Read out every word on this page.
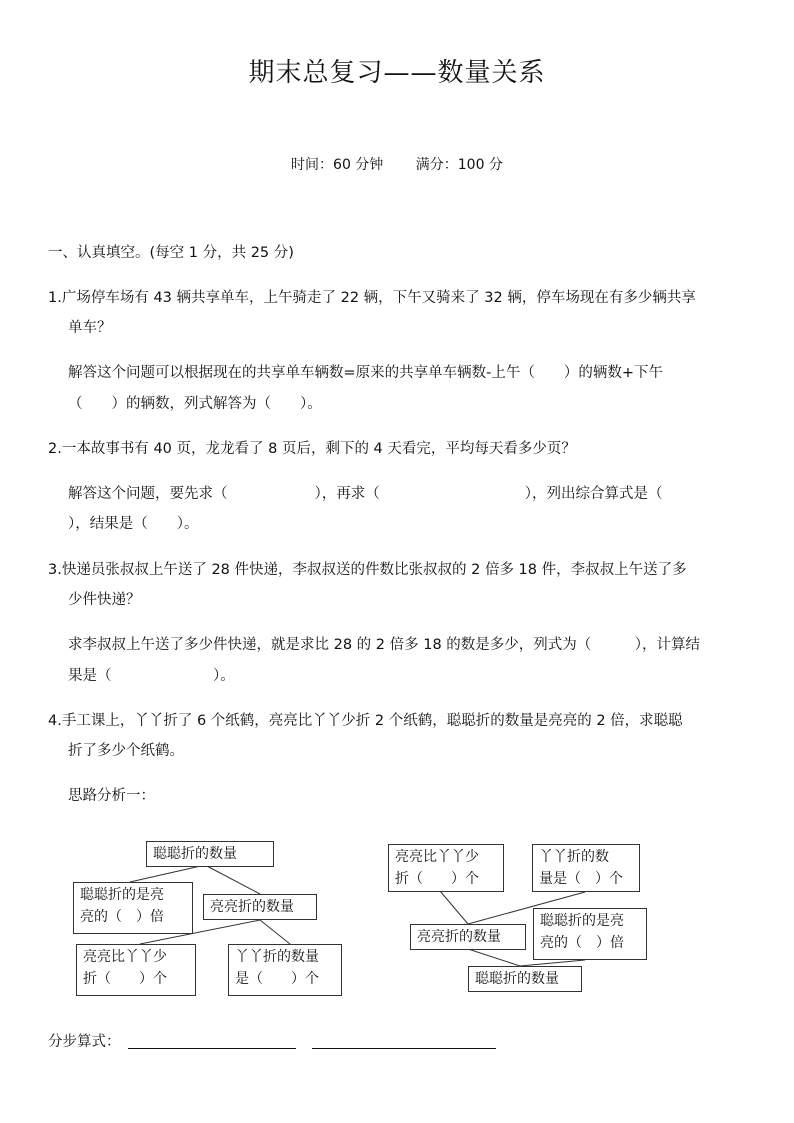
期末总复习——数量关系
时间：60 分钟 满分：100 分
一、认真填空。(每空 1 分，共 25 分)
1.广场停车场有 43 辆共享单车，上午骑走了 22 辆，下午又骑来了 32 辆，停车场现在有多少辆共享
单车？
解答这个问题可以根据现在的共享单车辆数=原来的共享单车辆数-上午（　　）的辆数+下午
（　　）的辆数，列式解答为（　　）。
2.一本故事书有 40 页，龙龙看了 8 页后，剩下的 4 天看完，平均每天看多少页？
解答这个问题，要先求（　　　　　　），再求（　　　　　　　　　　），列出综合算式是（
），结果是（　　）。
3.快递员张叔叔上午送了 28 件快递，李叔叔送的件数比张叔叔的 2 倍多 18 件，李叔叔上午送了多
少件快递？
求李叔叔上午送了多少件快递，就是求比 28 的 2 倍多 18 的数是多少，列式为（　　　），计算结
果是（　　　　　　　）。
4.手工课上，丫丫折了 6 个纸鹤，亮亮比丫丫少折 2 个纸鹤，聪聪折的数量是亮亮的 2 倍，求聪聪
折了多少个纸鹤。
思路分析一：
聪聪折的数量
聪聪折的是亮
亮的（　）倍
亮亮折的数量
亮亮比丫丫少
折（　　）个
丫丫折的数量
是（　　）个
亮亮比丫丫少
折（　　）个
丫丫折的数
量是（　）个
亮亮折的数量
聪聪折的是亮
亮的（　）倍
聪聪折的数量
分步算式：
